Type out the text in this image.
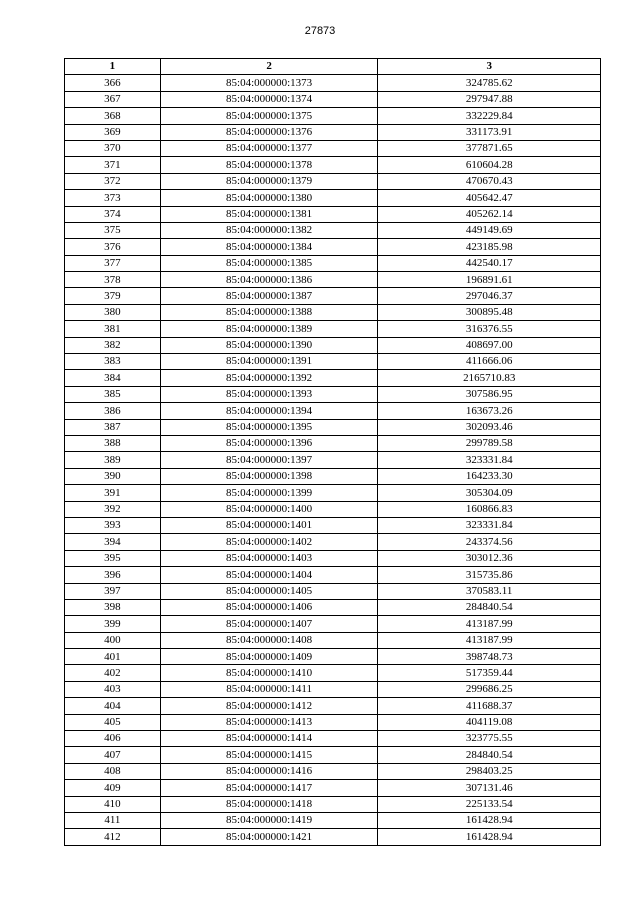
27873
1	2	3
366	85:04:000000:1373	324785.62
367	85:04:000000:1374	297947.88
368	85:04:000000:1375	332229.84
369	85:04:000000:1376	331173.91
370	85:04:000000:1377	377871.65
371	85:04:000000:1378	610604.28
372	85:04:000000:1379	470670.43
373	85:04:000000:1380	405642.47
374	85:04:000000:1381	405262.14
375	85:04:000000:1382	449149.69
376	85:04:000000:1384	423185.98
377	85:04:000000:1385	442540.17
378	85:04:000000:1386	196891.61
379	85:04:000000:1387	297046.37
380	85:04:000000:1388	300895.48
381	85:04:000000:1389	316376.55
382	85:04:000000:1390	408697.00
383	85:04:000000:1391	411666.06
384	85:04:000000:1392	2165710.83
385	85:04:000000:1393	307586.95
386	85:04:000000:1394	163673.26
387	85:04:000000:1395	302093.46
388	85:04:000000:1396	299789.58
389	85:04:000000:1397	323331.84
390	85:04:000000:1398	164233.30
391	85:04:000000:1399	305304.09
392	85:04:000000:1400	160866.83
393	85:04:000000:1401	323331.84
394	85:04:000000:1402	243374.56
395	85:04:000000:1403	303012.36
396	85:04:000000:1404	315735.86
397	85:04:000000:1405	370583.11
398	85:04:000000:1406	284840.54
399	85:04:000000:1407	413187.99
400	85:04:000000:1408	413187.99
401	85:04:000000:1409	398748.73
402	85:04:000000:1410	517359.44
403	85:04:000000:1411	299686.25
404	85:04:000000:1412	411688.37
405	85:04:000000:1413	404119.08
406	85:04:000000:1414	323775.55
407	85:04:000000:1415	284840.54
408	85:04:000000:1416	298403.25
409	85:04:000000:1417	307131.46
410	85:04:000000:1418	225133.54
411	85:04:000000:1419	161428.94
412	85:04:000000:1421	161428.94
